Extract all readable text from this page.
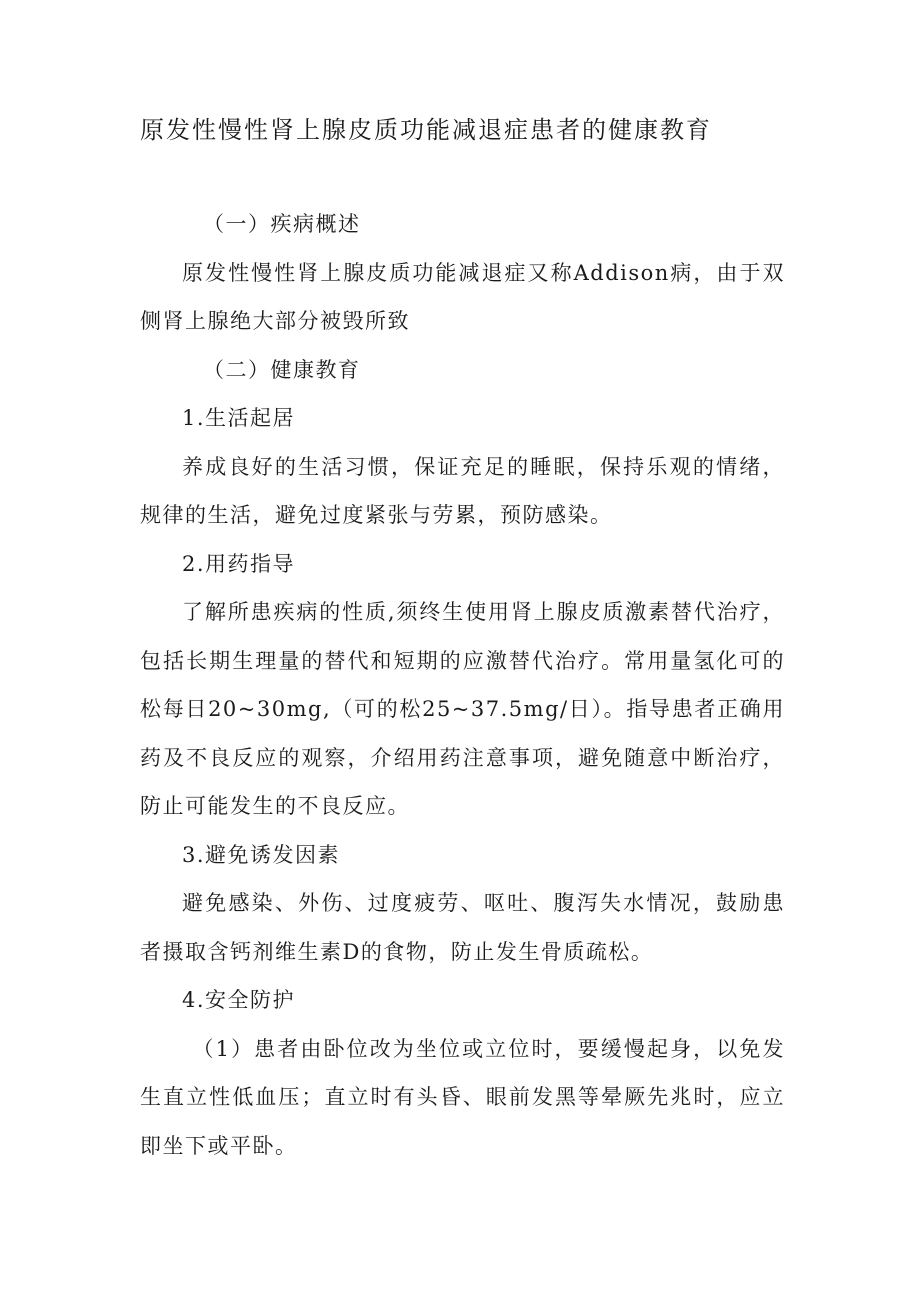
原发性慢性肾上腺皮质功能减退症患者的健康教育

（一）疾病概述

原发性慢性肾上腺皮质功能减退症又称Addison病，由于双侧肾上腺绝大部分被毁所致

（二）健康教育

1.生活起居

养成良好的生活习惯，保证充足的睡眠，保持乐观的情绪，规律的生活，避免过度紧张与劳累，预防感染。

2.用药指导

了解所患疾病的性质,须终生使用肾上腺皮质激素替代治疗，包括长期生理量的替代和短期的应激替代治疗。常用量氢化可的松每日20~30mg,（可的松25~37.5mg/日）。指导患者正确用药及不良反应的观察，介绍用药注意事项，避免随意中断治疗，防止可能发生的不良反应。

3.避免诱发因素

避免感染、外伤、过度疲劳、呕吐、腹泻失水情况，鼓励患者摄取含钙剂维生素D的食物，防止发生骨质疏松。

4.安全防护

（1）患者由卧位改为坐位或立位时，要缓慢起身，以免发生直立性低血压；直立时有头昏、眼前发黑等晕厥先兆时，应立即坐下或平卧。
